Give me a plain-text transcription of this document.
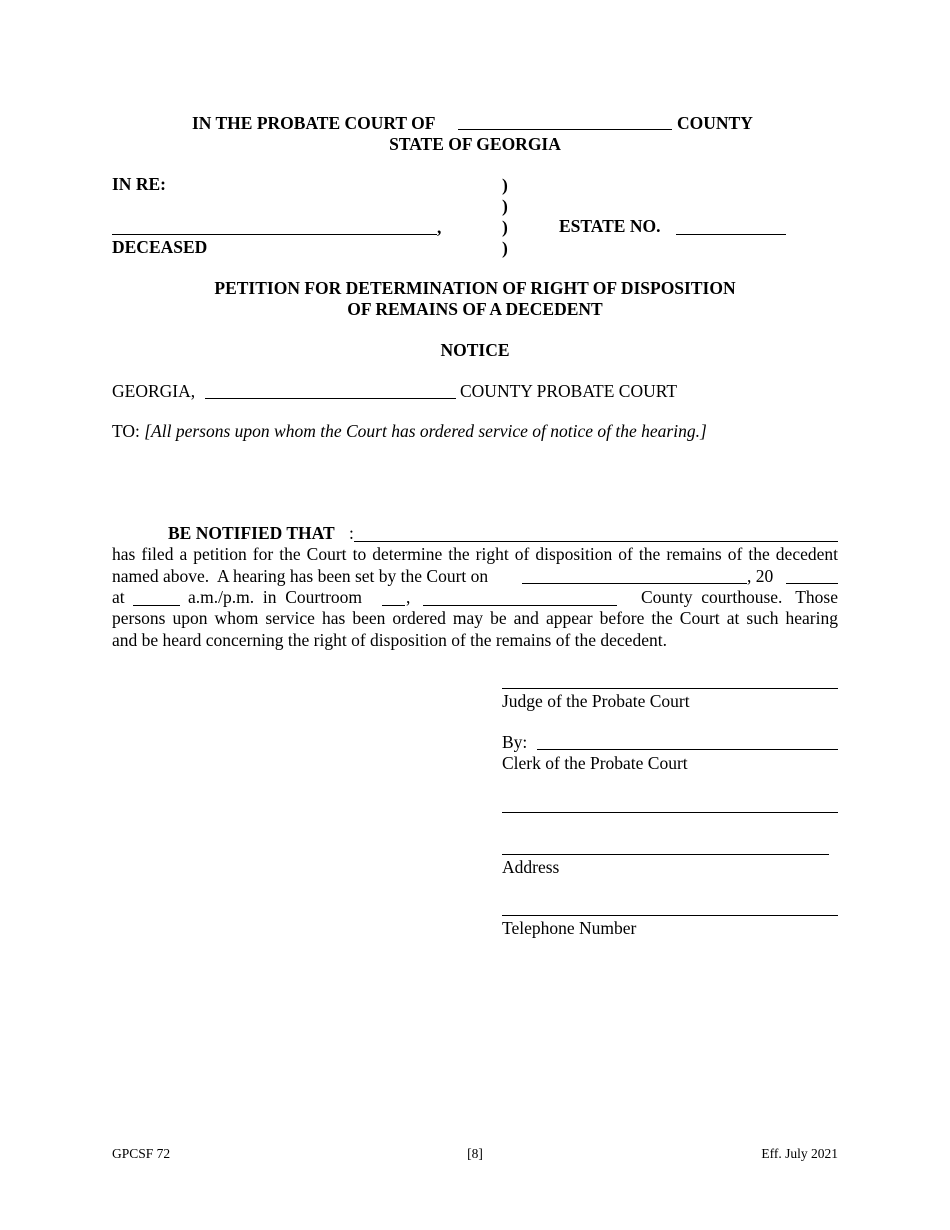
IN THE PROBATE COURT OF	COUNTY
STATE OF GEORGIA
IN RE:	)
)
,	)	ESTATE NO.
DECEASED	)
PETITION FOR DETERMINATION OF RIGHT OF DISPOSITION
OF REMAINS OF A DECEDENT
NOTICE
GEORGIA,	COUNTY PROBATE COURT
TO: [All persons upon whom the Court has ordered service of notice of the hearing.]
BE NOTIFIED THAT :
has filed a petition for the Court to determine the right of disposition of the remains of the decedent
named above.  A hearing has been set by the Court on	, 20
at	a.m./p.m.  in  Courtroom	,	County  courthouse.   Those
persons upon whom service has been ordered may be and appear before the Court at such hearing
and be heard concerning the right of disposition of the remains of the decedent.
Judge of the Probate Court
By:
Clerk of the Probate Court
Address
Telephone Number
GPCSF 72	[8]	Eff. July 2021
